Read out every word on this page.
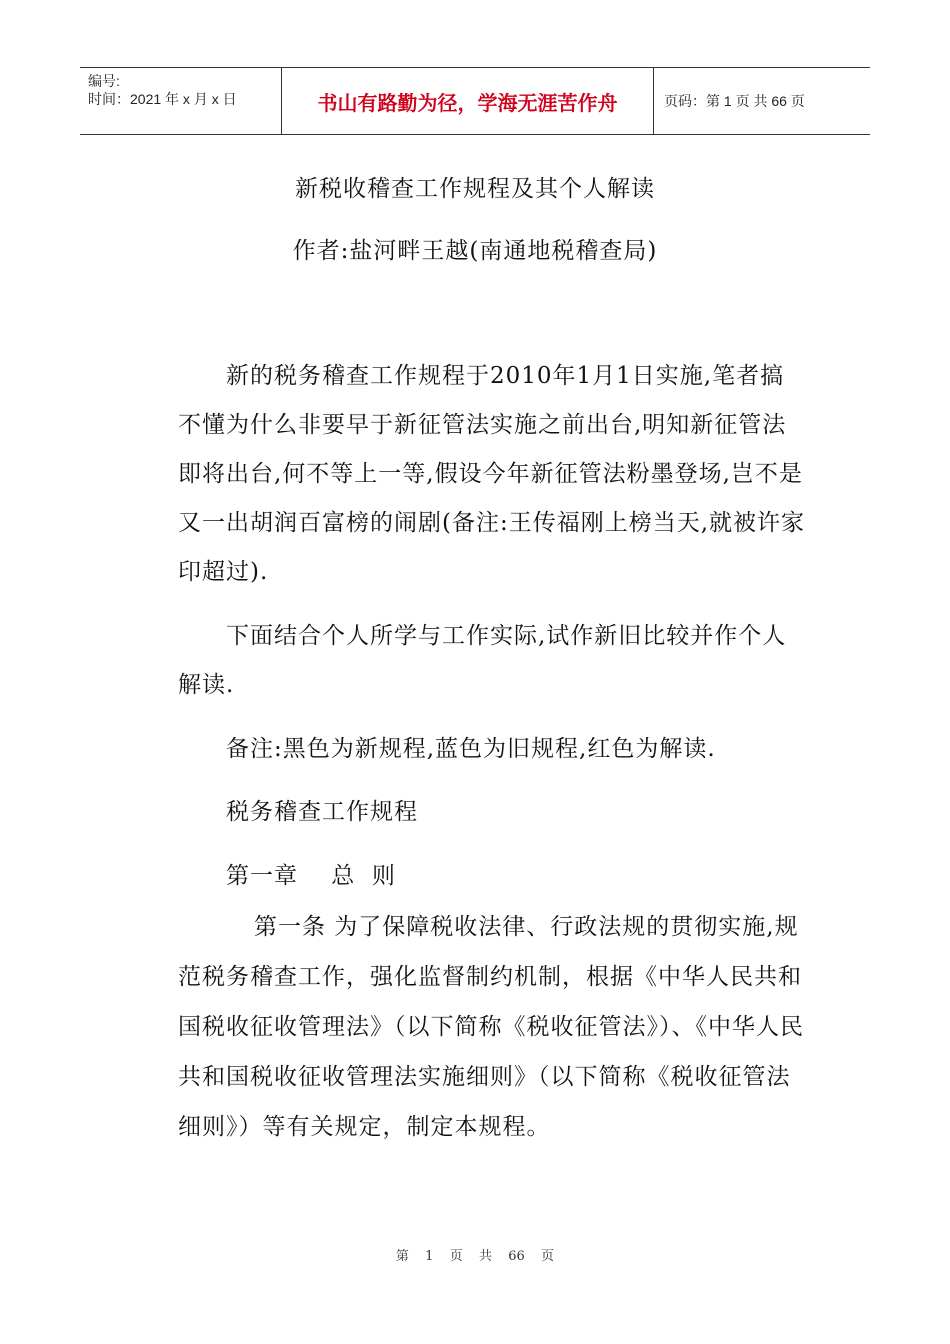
编号:
时间：2021 年 x 月 x 日	书山有路勤为径，学海无涯苦作舟	页码：第 1 页 共 66 页
新税收稽查工作规程及其个人解读
作者:盐河畔王越(南通地税稽查局)

新的税务稽查工作规程于2010年1月1日实施,笔者搞不懂为什么非要早于新征管法实施之前出台,明知新征管法即将出台,何不等上一等,假设今年新征管法粉墨登场,岂不是又一出胡润百富榜的闹剧(备注:王传福刚上榜当天,就被许家印超过).

下面结合个人所学与工作实际,试作新旧比较并作个人解读.

备注:黑色为新规程,蓝色为旧规程,红色为解读.

税务稽查工作规程

第一章    总  则

第一条 为了保障税收法律、行政法规的贯彻实施,规范税务稽查工作，强化监督制约机制，根据《中华人民共和国税收征收管理法》（以下简称《税收征管法》）、《中华人民共和国税收征收管理法实施细则》（以下简称《税收征管法细则》）等有关规定，制定本规程。

第  1  页  共  66  页
